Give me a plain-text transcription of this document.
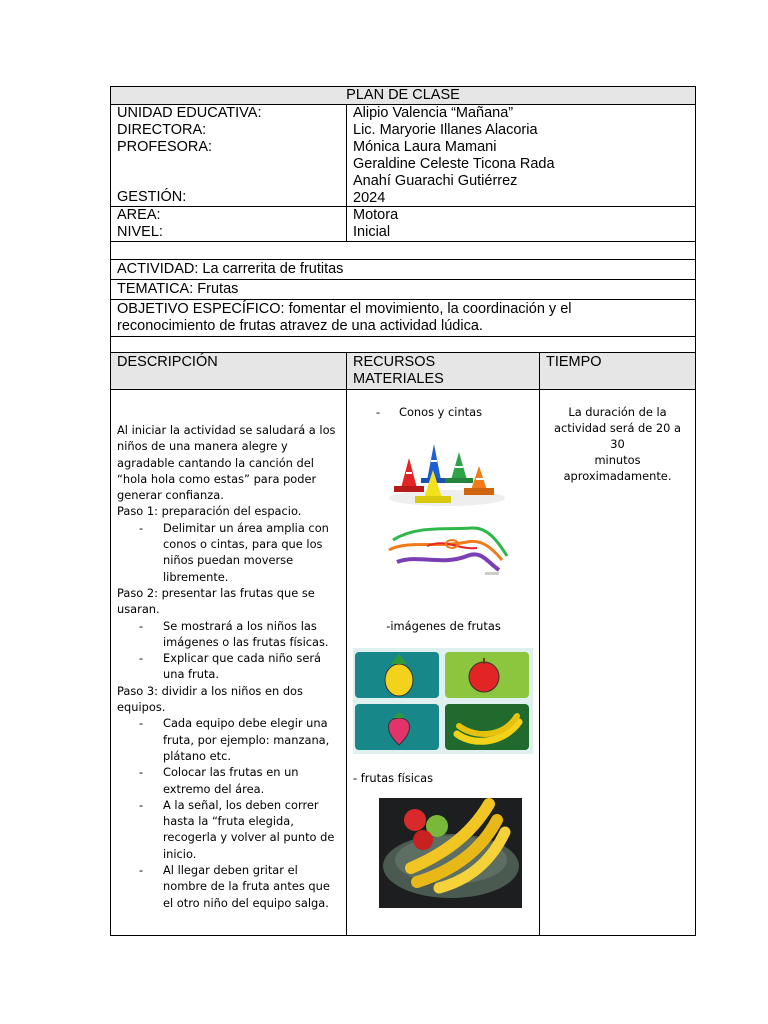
PLAN DE CLASE
UNIDAD EDUCATIVA:
DIRECTORA:
PROFESORA:
GESTIÓN:
Alipio Valencia “Mañana”
Lic. Maryorie Illanes Alacoria
Mónica Laura Mamani
Geraldine Celeste Ticona Rada
Anahí Guarachi Gutiérrez
2024
AREA:
NIVEL:
Motora
Inicial
ACTIVIDAD: La carrerita de frutitas
TEMATICA: Frutas
OBJETIVO ESPECÍFICO: fomentar el movimiento, la coordinación y el
reconocimiento de frutas atravez de una actividad lúdica.
DESCRIPCIÓN	RECURSOS
MATERIALES
TIEMPO
Al iniciar la actividad se saludará a los
niños de una manera alegre y
agradable cantando la canción del
“hola hola como estas” para poder
generar confianza.
Paso 1: preparación del espacio.
- Delimitar un área amplia con
conos o cintas, para que los
niños puedan moverse
libremente.
Paso 2: presentar las frutas que se
usaran.
- Se mostrará a los niños las
imágenes o las frutas físicas.
- Explicar que cada niño será
una fruta.
Paso 3: dividir a los niños en dos
equipos.
- Cada equipo debe elegir una
fruta, por ejemplo: manzana,
plátano etc.
- Colocar las frutas en un
extremo del área.
- A la señal, los deben correr
hasta la “fruta elegida,
recogerla y volver al punto de
inicio.
- Al llegar deben gritar el
nombre de la fruta antes que
el otro niño del equipo salga.
- Conos y cintas
-imágenes de frutas
- frutas físicas
La duración de la
actividad será de 20 a 30
minutos
aproximadamente.
